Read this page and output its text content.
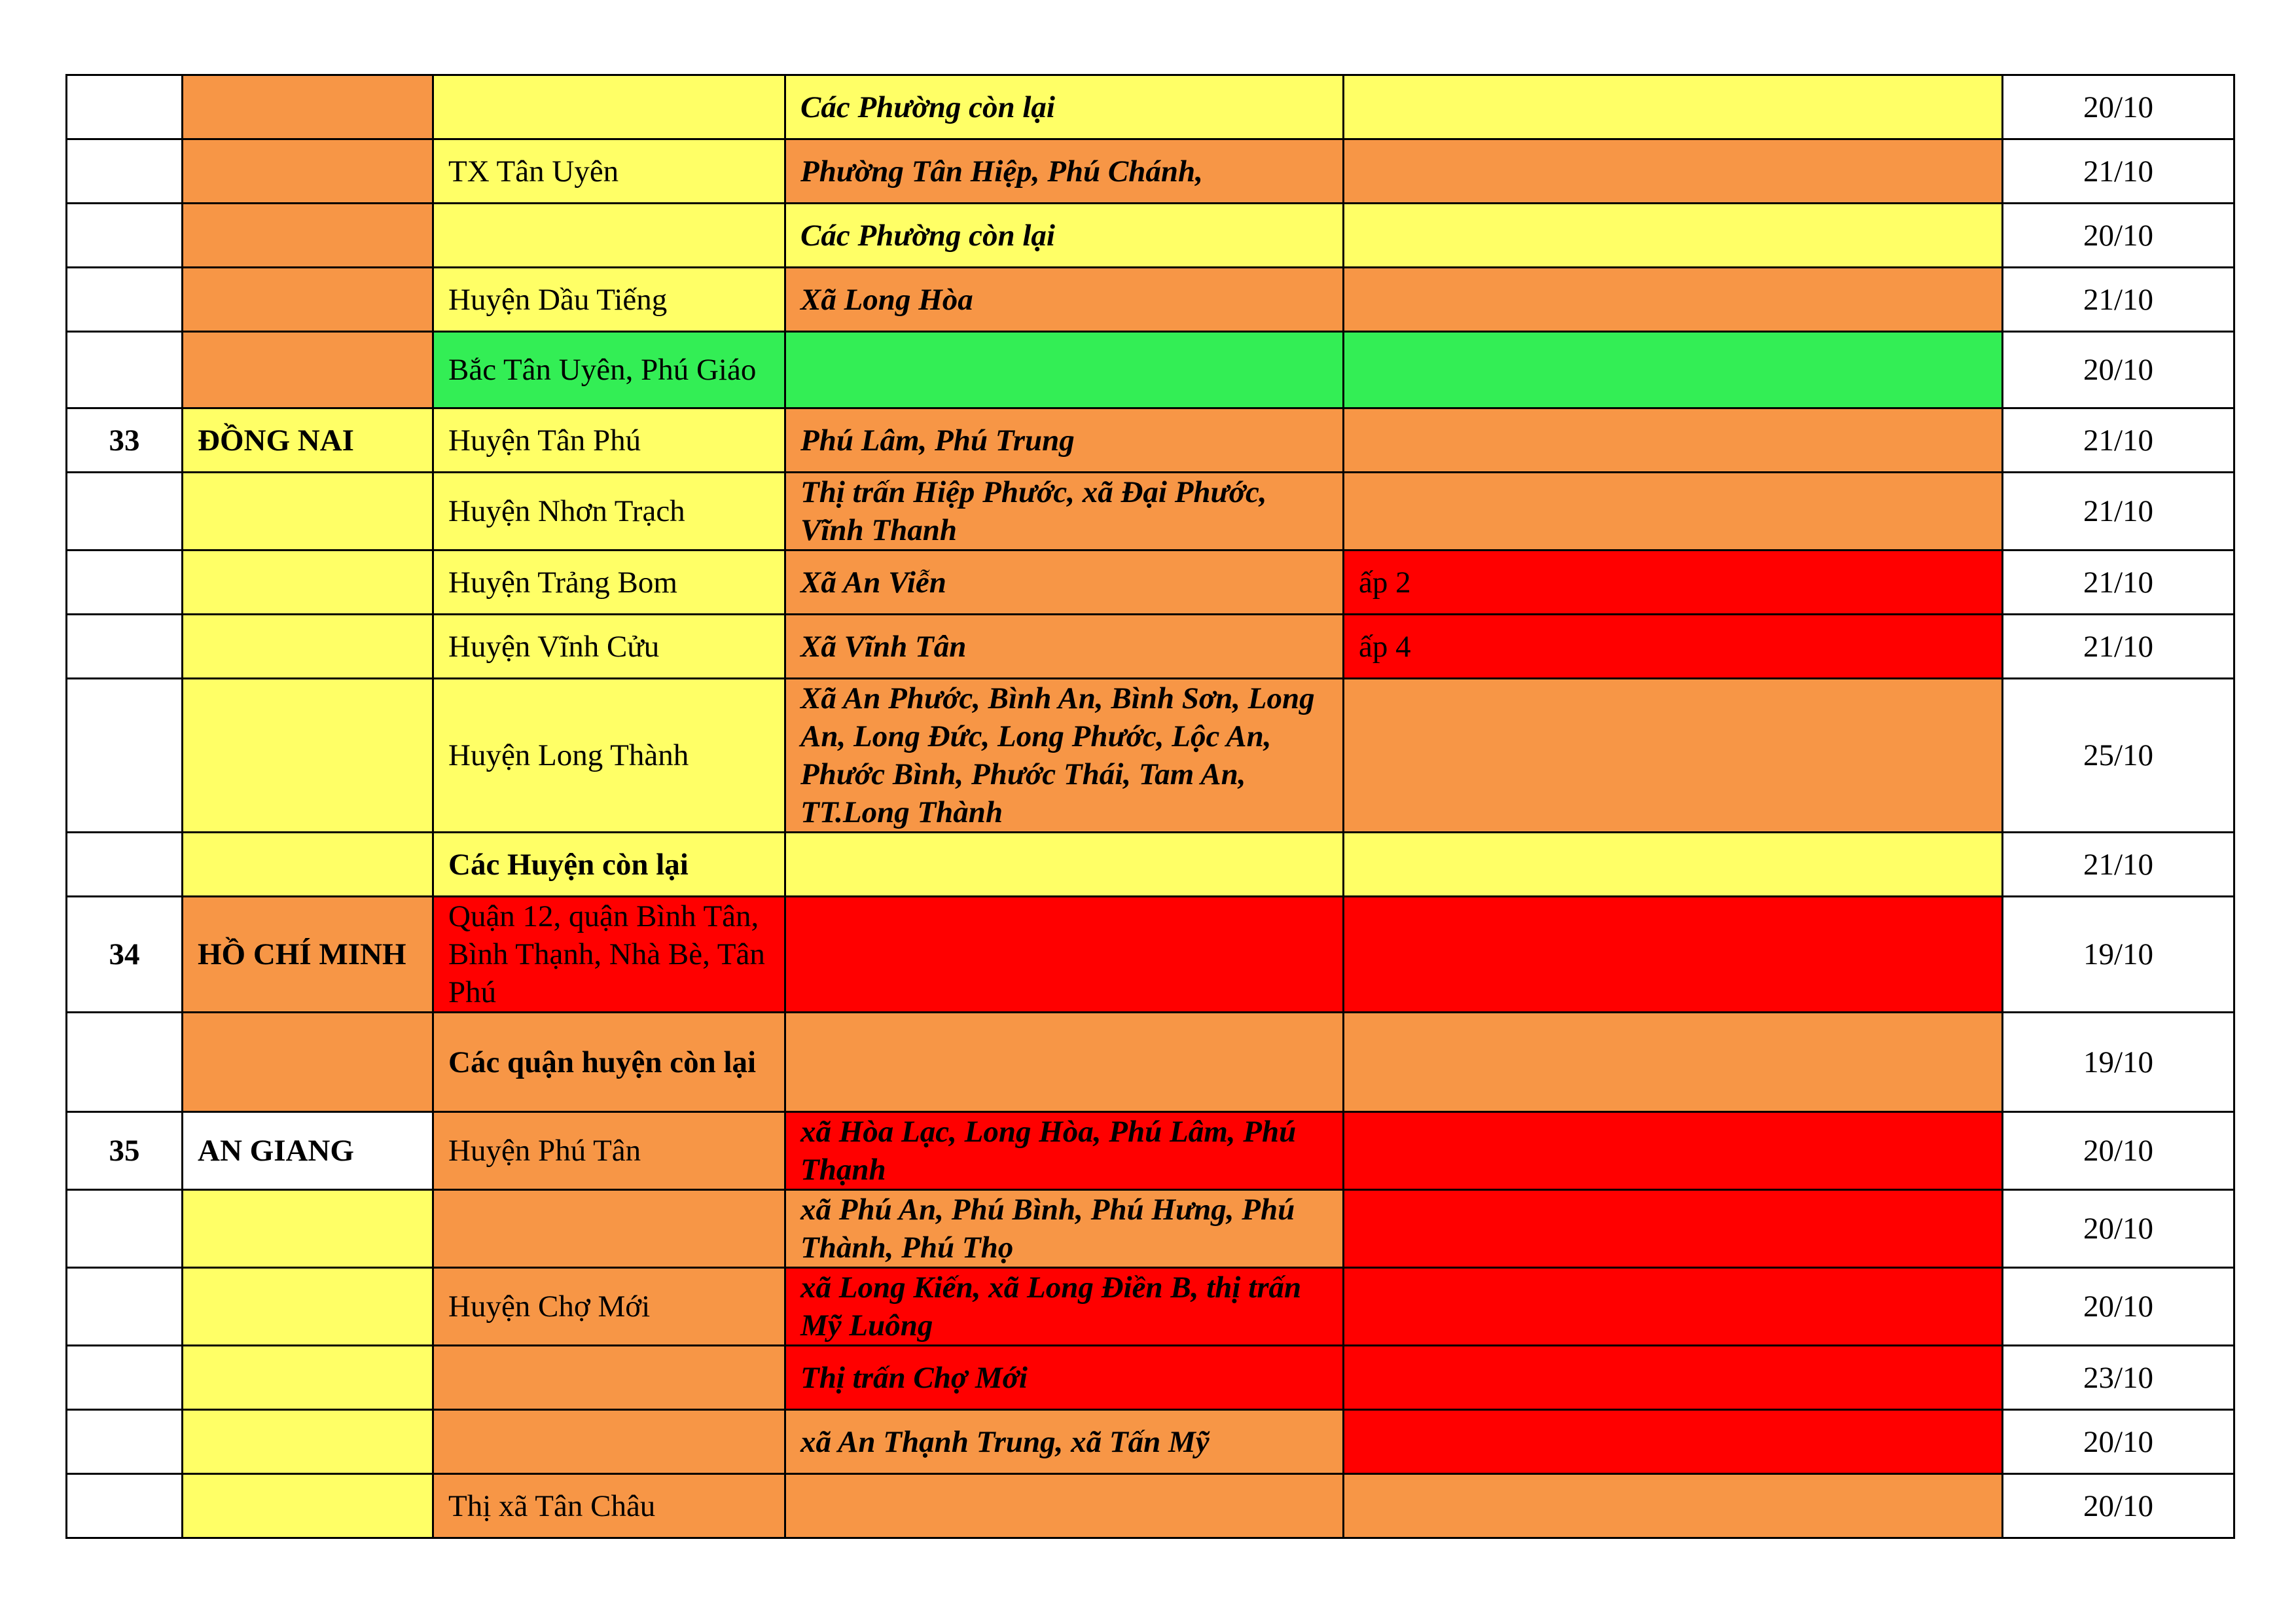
			Các Phường còn lại		20/10
		TX Tân Uyên	Phường Tân Hiệp, Phú Chánh,		21/10
			Các Phường còn lại		20/10
		Huyện Dầu Tiếng	Xã Long Hòa		21/10
		Bắc Tân Uyên, Phú Giáo			20/10
33	ĐỒNG NAI	Huyện Tân Phú	Phú Lâm, Phú Trung		21/10
		Huyện Nhơn Trạch	Thị trấn Hiệp Phước, xã Đại Phước, Vĩnh Thanh		21/10
		Huyện Trảng Bom	Xã An Viễn	ấp 2	21/10
		Huyện Vĩnh Cửu	Xã Vĩnh Tân	ấp 4	21/10
		Huyện Long Thành	Xã An Phước, Bình An, Bình Sơn, Long An, Long Đức, Long Phước, Lộc An, Phước Bình, Phước Thái, Tam An, TT.Long Thành		25/10
		Các Huyện còn lại			21/10
34	HỒ CHÍ MINH	Quận 12, quận Bình Tân, Bình Thạnh, Nhà Bè, Tân Phú			19/10
		Các quận huyện còn lại			19/10
35	AN GIANG	Huyện Phú Tân	xã Hòa Lạc, Long Hòa, Phú Lâm, Phú Thạnh		20/10
			xã Phú An, Phú Bình, Phú Hưng, Phú Thành, Phú Thọ		20/10
		Huyện Chợ Mới	xã Long Kiến, xã Long Điền B, thị trấn Mỹ Luông		20/10
			Thị trấn Chợ Mới		23/10
			xã An Thạnh Trung, xã Tấn Mỹ		20/10
		Thị xã Tân Châu			20/10
